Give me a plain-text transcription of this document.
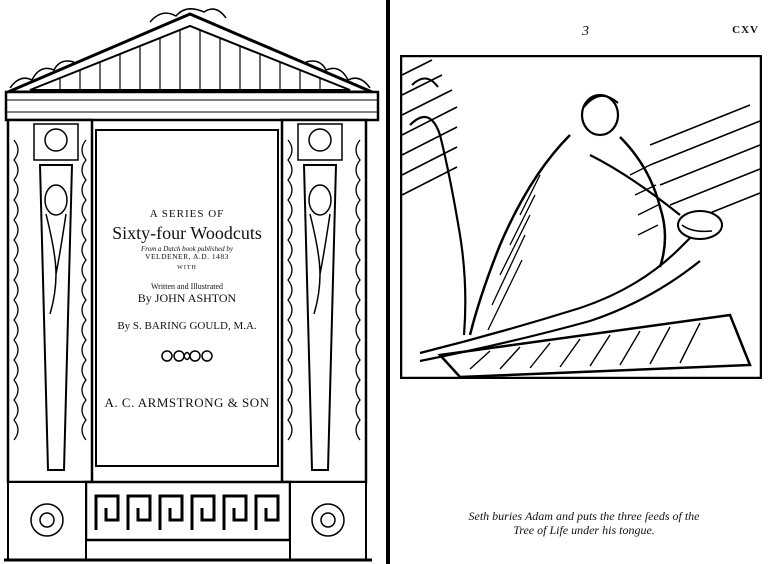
A SERIES OF
Sixty-four Woodcuts
From a Dutch book published by
VELDENER, A.D. 1483
WITH
Written and Illustrated
By JOHN ASHTON
By S. BARING GOULD, M.A.
A. C. ARMSTRONG & SON
3	CXV
Seth buries Adam and puts the three ſeeds of the
Tree of Life under his tongue.
